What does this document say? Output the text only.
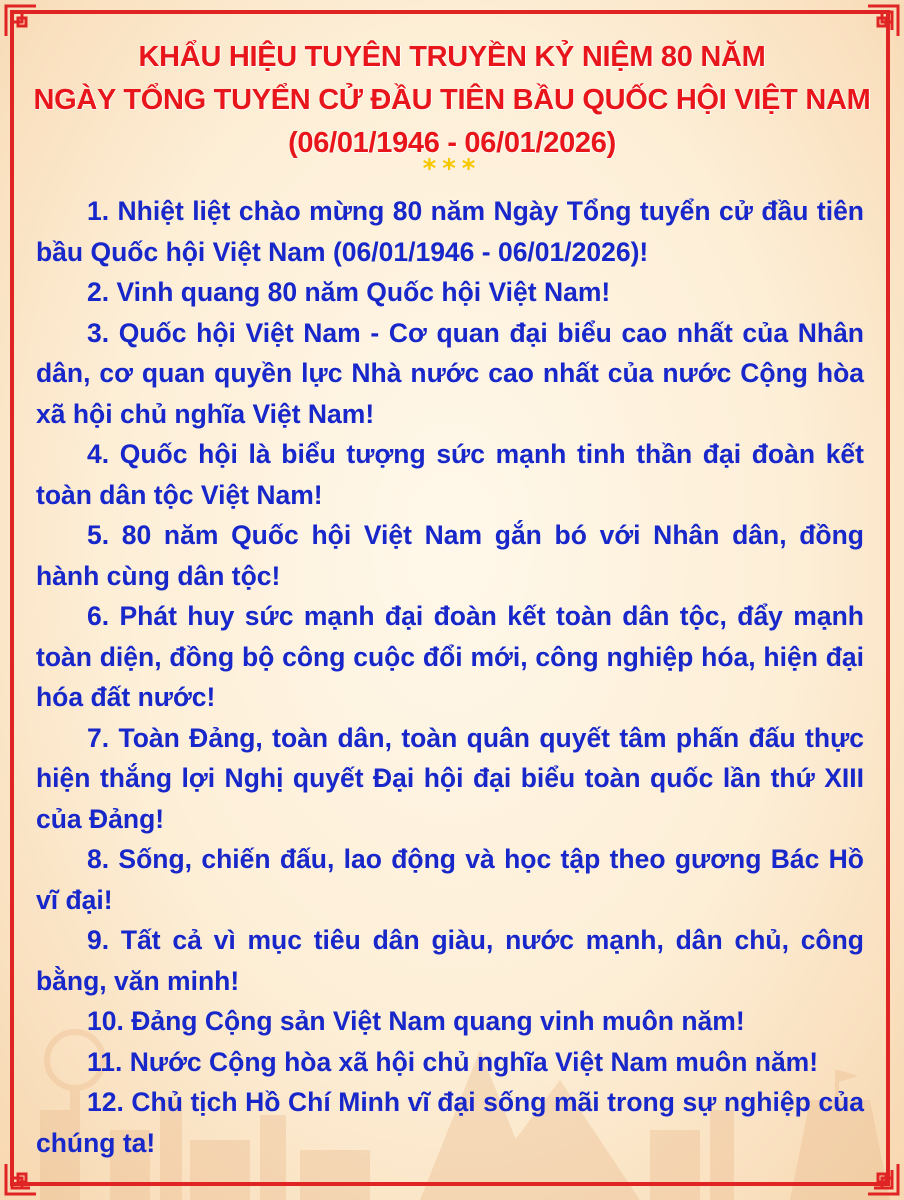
KHẨU HIỆU TUYÊN TRUYỀN KỶ NIỆM 80 NĂM
NGÀY TỔNG TUYỂN CỬ ĐẦU TIÊN BẦU QUỐC HỘI VIỆT NAM
(06/01/1946 - 06/01/2026)
***

1. Nhiệt liệt chào mừng 80 năm Ngày Tổng tuyển cử đầu tiên bầu Quốc hội Việt Nam (06/01/1946 - 06/01/2026)!

2. Vinh quang 80 năm Quốc hội Việt Nam!

3. Quốc hội Việt Nam - Cơ quan đại biểu cao nhất của Nhân dân, cơ quan quyền lực Nhà nước cao nhất của nước Cộng hòa xã hội chủ nghĩa Việt Nam!

4. Quốc hội là biểu tượng sức mạnh tinh thần đại đoàn kết toàn dân tộc Việt Nam!

5. 80 năm Quốc hội Việt Nam gắn bó với Nhân dân, đồng hành cùng dân tộc!

6. Phát huy sức mạnh đại đoàn kết toàn dân tộc, đẩy mạnh toàn diện, đồng bộ công cuộc đổi mới, công nghiệp hóa, hiện đại hóa đất nước!

7. Toàn Đảng, toàn dân, toàn quân quyết tâm phấn đấu thực hiện thắng lợi Nghị quyết Đại hội đại biểu toàn quốc lần thứ XIII của Đảng!

8. Sống, chiến đấu, lao động và học tập theo gương Bác Hồ vĩ đại!

9. Tất cả vì mục tiêu dân giàu, nước mạnh, dân chủ, công bằng, văn minh!

10. Đảng Cộng sản Việt Nam quang vinh muôn năm!

11. Nước Cộng hòa xã hội chủ nghĩa Việt Nam muôn năm!

12. Chủ tịch Hồ Chí Minh vĩ đại sống mãi trong sự nghiệp của chúng ta!
